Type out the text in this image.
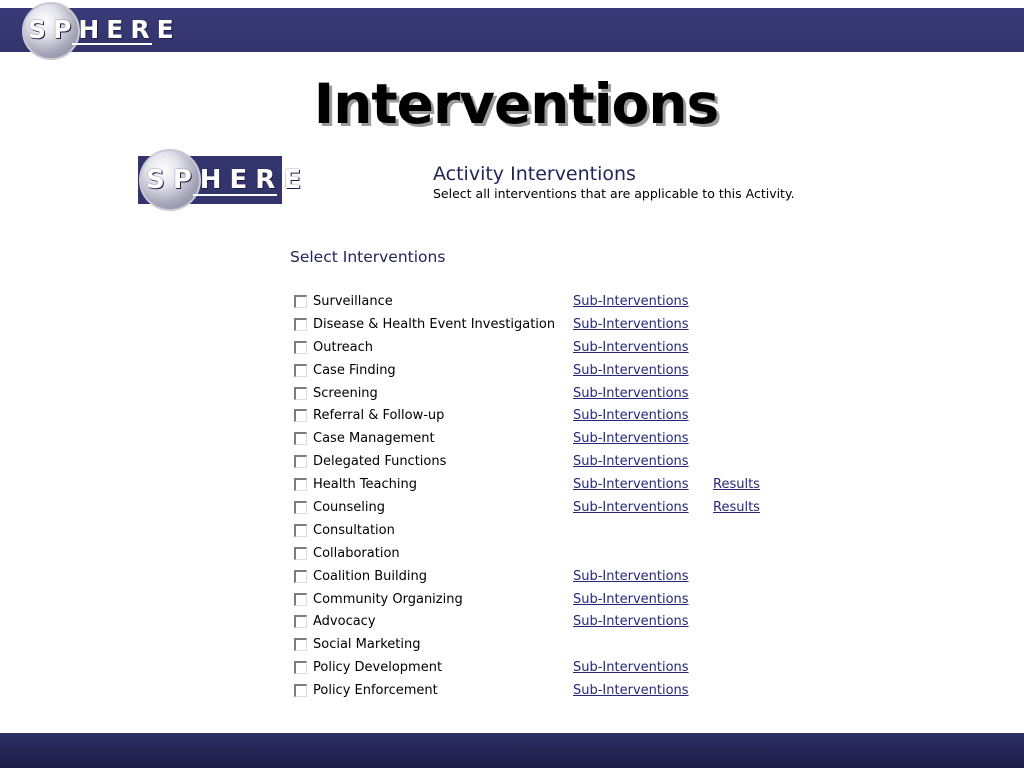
SPHERE
Interventions
SPHERE	Activity Interventions
Select all interventions that are applicable to this Activity.
Select Interventions
Surveillance	Sub-Interventions
Disease & Health Event Investigation Sub-Interventions
Outreach	Sub-Interventions
Case Finding	Sub-Interventions
Screening	Sub-Interventions
Referral & Follow-up	Sub-Interventions
Case Management	Sub-Interventions
Delegated Functions	Sub-Interventions
Health Teaching	Sub-Interventions Results
Counseling	Sub-Interventions Results
Consultation
Collaboration
Coalition Building	Sub-Interventions
Community Organizing	Sub-Interventions
Advocacy	Sub-Interventions
Social Marketing
Policy Development	Sub-Interventions
Policy Enforcement	Sub-Interventions
